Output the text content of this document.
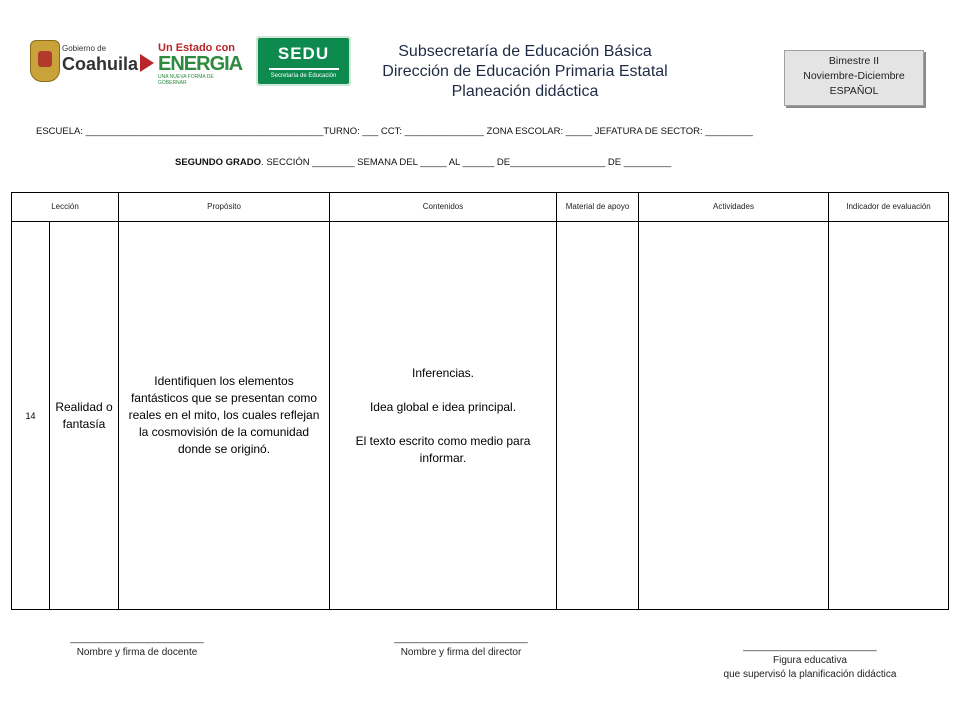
Gobierno de
Coahuila
Un Estado con
ENERGIA
UNA NUEVA FORMA DE GOBERNAR
SEDU
Secretaría de Educación
Subsecretaría de Educación Básica
Dirección de Educación Primaria Estatal
Planeación didáctica
Bimestre II
Noviembre-Diciembre
ESPAÑOL
ESCUELA: _____________________________________________TURNO: ___ CCT: _______________ ZONA ESCOLAR: _____ JEFATURA DE SECTOR: _________
SEGUNDO GRADO. SECCIÓN ________ SEMANA DEL _____ AL ______ DE__________________ DE _________
Lección		Propósito	Contenidos	Material de apoyo	Actividades	Indicador de evaluación
14	Realidad o fantasía	Identifiquen los elementos fantásticos que se presentan como reales en el mito, los cuales reflejan la cosmovisión de la comunidad donde se originó.	Inferencias.

Idea global e idea principal.

El texto escrito como medio para informar.			

________________________
Nombre y firma de docente
________________________
Nombre y firma del director
________________________
Figura educativa
que supervisó la planificación didáctica
